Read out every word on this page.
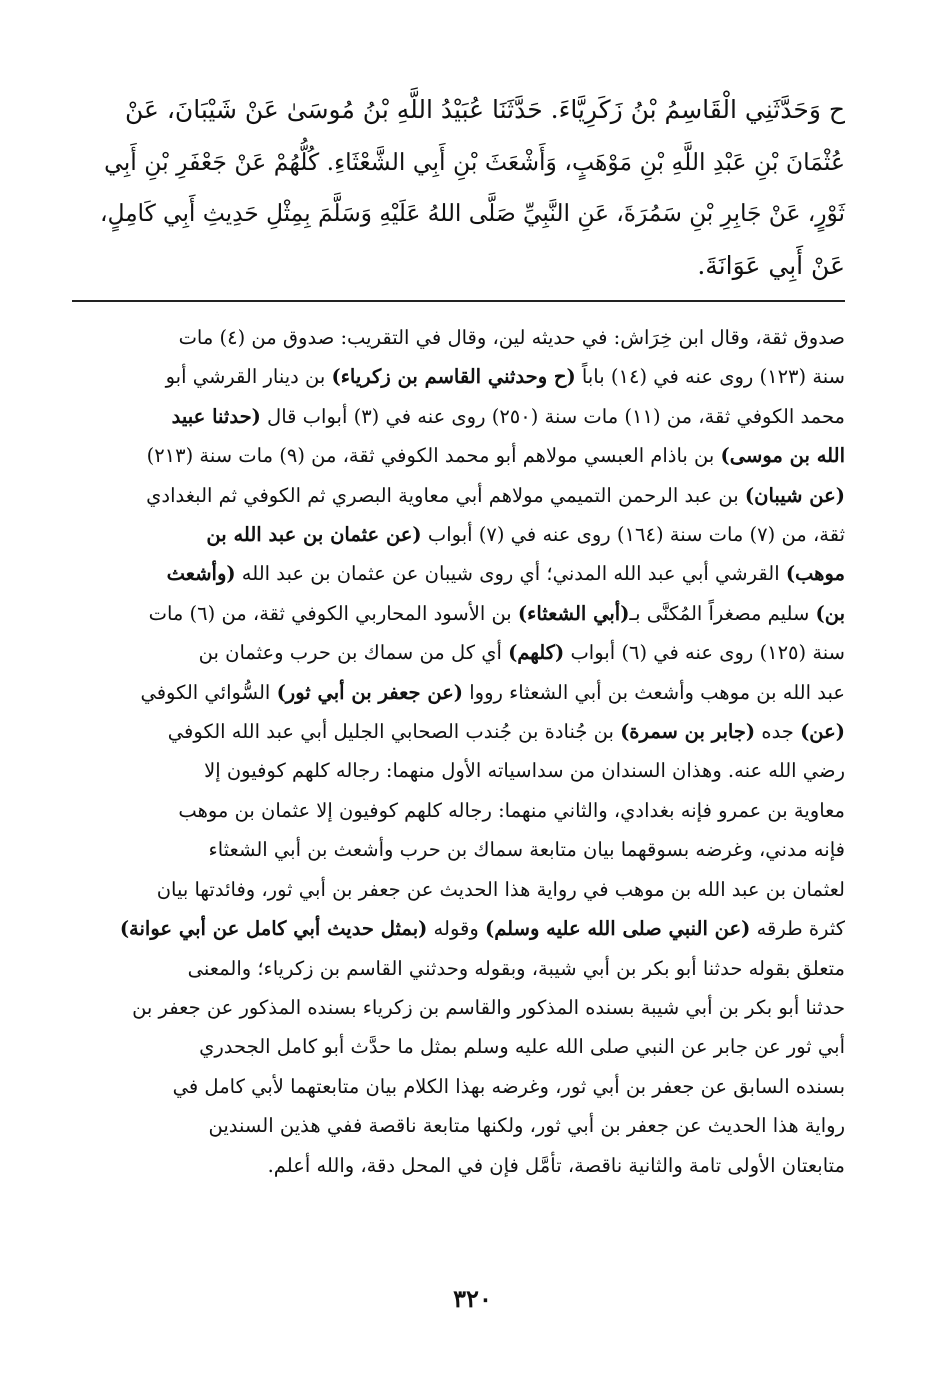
ح وَحَدَّثَنِي الْقَاسِمُ بْنُ زَكَرِيَّاءَ. حَدَّثَنَا عُبَيْدُ اللَّهِ بْنُ مُوسَىٰ عَنْ شَيْبَانَ، عَنْ
عُثْمَانَ بْنِ عَبْدِ اللَّهِ بْنِ مَوْهَبٍ، وَأَشْعَثَ بْنِ أَبِي الشَّعْثَاءِ. كُلُّهُمْ عَنْ جَعْفَرِ بْنِ أَبِي
ثَوْرٍ، عَنْ جَابِرِ بْنِ سَمُرَةَ، عَنِ النَّبِيِّ صَلَّى اللهُ عَلَيْهِ وَسَلَّمَ بِمِثْلِ حَدِيثِ أَبِي كَامِلٍ،
عَنْ أَبِي عَوَانَةَ.
صدوق ثقة، وقال ابن خِرَاش: في حديثه لين، وقال في التقريب: صدوق من (٤) مات
سنة (١٢٣) روى عنه في (١٤) باباً (ح وحدثني القاسم بن زكرياء) بن دينار القرشي أبو
محمد الكوفي ثقة، من (١١) مات سنة (٢٥٠) روى عنه في (٣) أبواب قال (حدثنا عبيد
الله بن موسى) بن باذام العبسي مولاهم أبو محمد الكوفي ثقة، من (٩) مات سنة (٢١٣)
(عن شيبان) بن عبد الرحمن التميمي مولاهم أبي معاوية البصري ثم الكوفي ثم البغدادي
ثقة، من (٧) مات سنة (١٦٤) روى عنه في (٧) أبواب (عن عثمان بن عبد الله بن
موهب) القرشي أبي عبد الله المدني؛ أي روى شيبان عن عثمان بن عبد الله (وأشعث
بن) سليم مصغراً المُكنَّى بـ(أبي الشعثاء) بن الأسود المحاربي الكوفي ثقة، من (٦) مات
سنة (١٢٥) روى عنه في (٦) أبواب (كلهم) أي كل من سماك بن حرب وعثمان بن
عبد الله بن موهب وأشعث بن أبي الشعثاء رووا (عن جعفر بن أبي ثور) السُّوائي الكوفي
(عن) جده (جابر بن سمرة) بن جُنادة بن جُندب الصحابي الجليل أبي عبد الله الكوفي
رضي الله عنه. وهذان السندان من سداسياته الأول منهما: رجاله كلهم كوفيون إلا
معاوية بن عمرو فإنه بغدادي، والثاني منهما: رجاله كلهم كوفيون إلا عثمان بن موهب
فإنه مدني، وغرضه بسوقهما بيان متابعة سماك بن حرب وأشعث بن أبي الشعثاء
لعثمان بن عبد الله بن موهب في رواية هذا الحديث عن جعفر بن أبي ثور، وفائدتها بيان
كثرة طرقه (عن النبي صلى الله عليه وسلم) وقوله (بمثل حديث أبي كامل عن أبي عوانة)
متعلق بقوله حدثنا أبو بكر بن أبي شيبة، وبقوله وحدثني القاسم بن زكرياء؛ والمعنى
حدثنا أبو بكر بن أبي شيبة بسنده المذكور والقاسم بن زكرياء بسنده المذكور عن جعفر بن
أبي ثور عن جابر عن النبي صلى الله عليه وسلم بمثل ما حدَّث أبو كامل الجحدري
بسنده السابق عن جعفر بن أبي ثور، وغرضه بهذا الكلام بيان متابعتهما لأبي كامل في
رواية هذا الحديث عن جعفر بن أبي ثور، ولكنها متابعة ناقصة ففي هذين السندين
متابعتان الأولى تامة والثانية ناقصة، تأمَّل فإن في المحل دقة، والله أعلم.
٣٢٠
